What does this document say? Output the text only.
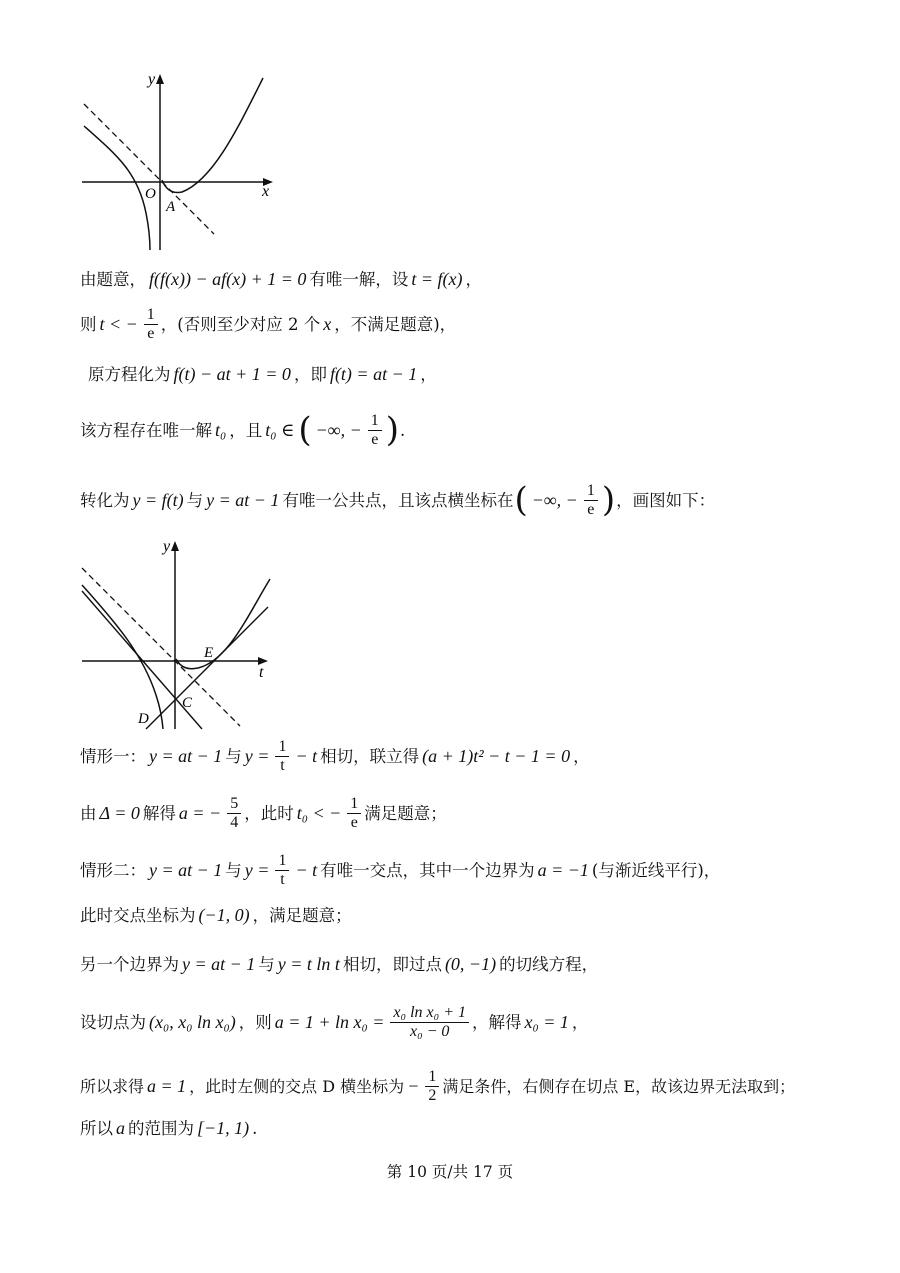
y
x
O
A
由题意， f(f(x)) − af(x) + 1 = 0 有唯一解，设 t = f(x) ，
则 t < − $\frac{1}{e}$ ，(否则至少对应 2 个 x ，不满足题意)，
原方程化为 f(t) − at + 1 = 0 ，即 f(t) = at − 1 ，
该方程存在唯一解 t₀ ，且 t₀ ∈ ( −∞, − $\frac{1}{e}$ ) .
转化为 y = f(t) 与 y = at − 1 有唯一公共点，且该点横坐标在 ( −∞, − $\frac{1}{e}$ ) ，画图如下：
y
t
E
C
D
情形一： y = at − 1 与 $y = \frac{1}{t} - t$ 相切，联立得 (a + 1)t² − t − 1 = 0 ，
由 Δ = 0 解得 a = − $\frac{5}{4}$ ，此时 t₀ < − $\frac{1}{e}$ 满足题意；
情形二： y = at − 1 与 $y = \frac{1}{t} - t$ 有唯一交点，其中一个边界为 a = −1 (与渐近线平行)，
此时交点坐标为 (−1, 0) ，满足题意；
另一个边界为 y = at − 1 与 y = t ln t 相切，即过点 (0, −1) 的切线方程，
设切点为 (x₀, x₀ ln x₀) ，则 $a = 1 + \ln x_0 = \frac{\text{x₀ ln x₀ + 1}}{\text{x₀ − 0}}$ ，解得 x₀ = 1 ，
所以求得 a = 1 ，此时左侧的交点 D 横坐标为 − $\frac{1}{2}$ 满足条件，右侧存在切点 E，故该边界无法取到；
所以 a 的范围为 [−1, 1) .
第 10 页/共 17 页
